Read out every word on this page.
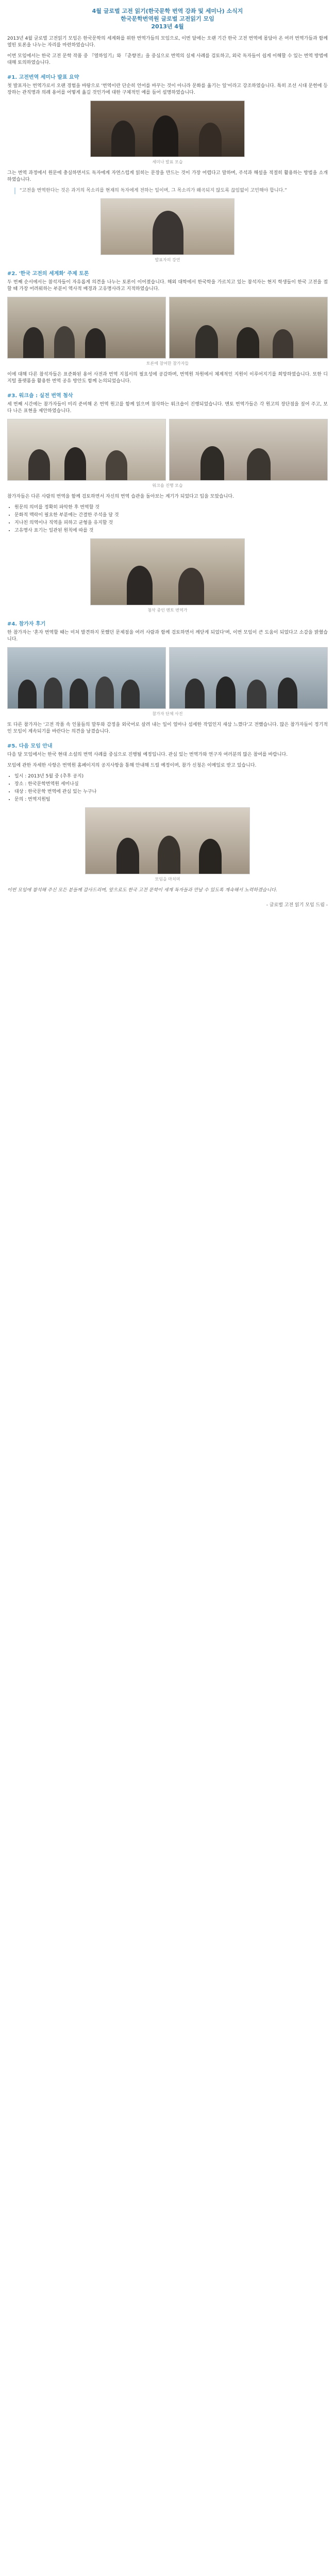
4월 글로벌 고전 읽기(한국문학 번역 강좌 및 세미나) 소식지
한국문학번역원 글로벌 고전읽기 모임
2013년 4월
2013년 4월 글로벌 고전읽기 모임은 한국문학의 세계화를 위한 번역가들의 모임으로, 이번 달에는 오랜 기간 한국 고전 번역에 몸담아 온 여러 번역가들과 함께 열띤 토론을 나누는 자리를 마련하였습니다.
이번 모임에서는 한국 고전 문학 작품 중 『열하일기』와 『춘향전』을 중심으로 번역의 실제 사례를 검토하고, 외국 독자들이 쉽게 이해할 수 있는 번역 방법에 대해 토의하였습니다.
#1. 고전번역 세미나 발표 요약
첫 발표자는 번역가로서 오랜 경험을 바탕으로 '번역이란 단순히 언어를 바꾸는 것이 아니라 문화를 옮기는 일'이라고 강조하였습니다. 특히 조선 시대 문헌에 등장하는 관직명과 의례 용어를 어떻게 옮길 것인가에 대한 구체적인 예를 들어 설명하였습니다.
세미나 발표 모습
그는 번역 과정에서 원문에 충실하면서도 독자에게 자연스럽게 읽히는 문장을 만드는 것이 가장 어렵다고 말하며, 주석과 해설을 적절히 활용하는 방법을 소개하였습니다.
“고전을 번역한다는 것은 과거의 목소리를 현재의 독자에게 전하는 일이며, 그 목소리가 왜곡되지 않도록 끊임없이 고민해야 합니다.”
발표자의 강연
#2. '한국 고전의 세계화' 주제 토론
두 번째 순서에서는 참석자들이 자유롭게 의견을 나누는 토론이 이어졌습니다. 해외 대학에서 한국학을 가르치고 있는 참석자는 현지 학생들이 한국 고전을 접할 때 가장 어려워하는 부분이 역사적 배경과 고유명사라고 지적하였습니다.
토론에 참여한 참가자들
이에 대해 다른 참석자들은 표준화된 용어 사전과 번역 지침서의 필요성에 공감하며, 번역원 차원에서 체계적인 지원이 이루어지기를 희망하였습니다. 또한 디지털 플랫폼을 활용한 번역 공유 방안도 함께 논의되었습니다.
#3. 워크숍 : 실전 번역 첨삭
세 번째 시간에는 참가자들이 미리 준비해 온 번역 원고를 함께 읽으며 첨삭하는 워크숍이 진행되었습니다. 멘토 번역가들은 각 원고의 장단점을 짚어 주고, 보다 나은 표현을 제안하였습니다.
워크숍 진행 모습
참가자들은 다른 사람의 번역을 함께 검토하면서 자신의 번역 습관을 돌아보는 계기가 되었다고 입을 모았습니다.
• 원문의 의미를 정확히 파악한 후 번역할 것
• 문화적 맥락이 필요한 부분에는 간결한 주석을 달 것
• 지나친 의역이나 직역을 피하고 균형을 유지할 것
• 고유명사 표기는 일관된 원칙에 따를 것
첨삭 중인 멘토 번역가
#4. 참가자 후기
한 참가자는 '혼자 번역할 때는 미처 발견하지 못했던 문제점을 여러 사람과 함께 검토하면서 깨닫게 되었다'며, 이번 모임이 큰 도움이 되었다고 소감을 밝혔습니다.
참가자 단체 사진
또 다른 참가자는 '고전 작품 속 인물들의 말투와 감정을 외국어로 살려 내는 일이 얼마나 섬세한 작업인지 새삼 느꼈다'고 전했습니다. 많은 참가자들이 정기적인 모임이 계속되기를 바란다는 의견을 남겼습니다.
#5. 다음 모임 안내
다음 달 모임에서는 한국 현대 소설의 번역 사례를 중심으로 진행될 예정입니다. 관심 있는 번역가와 연구자 여러분의 많은 참여를 바랍니다.
모임에 관한 자세한 사항은 번역원 홈페이지의 공지사항을 통해 안내해 드릴 예정이며, 참가 신청은 이메일로 받고 있습니다.
• 일시 : 2013년 5월 중 (추후 공지)
• 장소 : 한국문학번역원 세미나실
• 대상 : 한국문학 번역에 관심 있는 누구나
• 문의 : 번역지원팀
모임을 마치며
이번 모임에 참석해 주신 모든 분들께 감사드리며, 앞으로도 한국 고전 문학이 세계 독자들과 만날 수 있도록 계속해서 노력하겠습니다.
- 글로벌 고전 읽기 모임 드림 -
